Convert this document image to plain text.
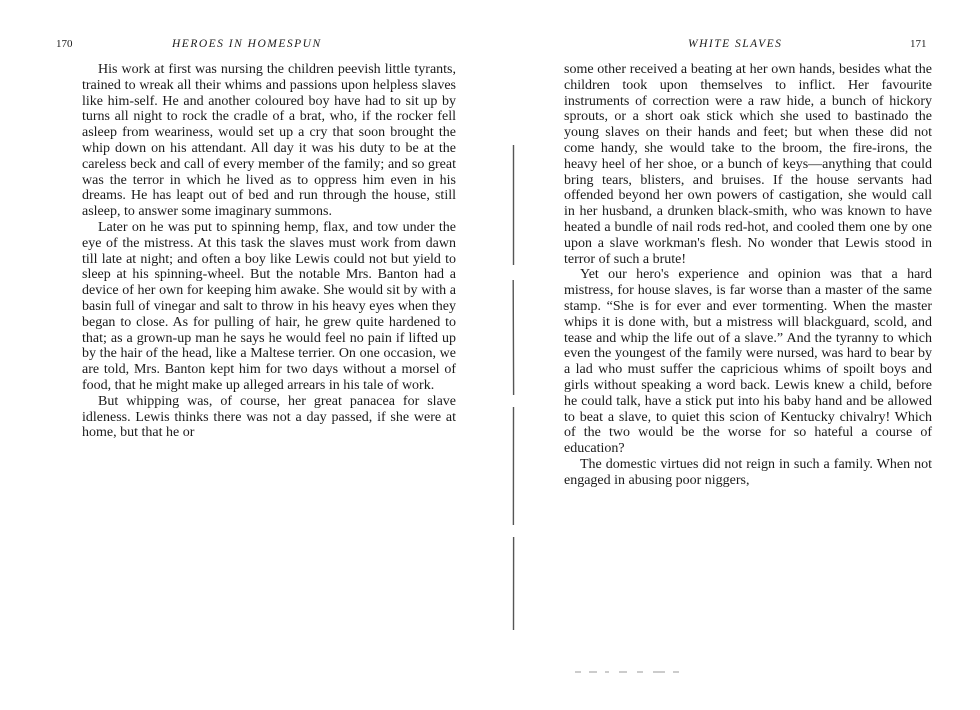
170	HEROES IN HOMESPUN

His work at first was nursing the children peevish little tyrants, trained to wreak all their whims and passions upon helpless slaves like him-self. He and another coloured boy have had to sit up by turns all night to rock the cradle of a brat, who, if the rocker fell asleep from weariness, would set up a cry that soon brought the whip down on his attendant. All day it was his duty to be at the careless beck and call of every member of the family; and so great was the terror in which he lived as to oppress him even in his dreams. He has leapt out of bed and run through the house, still asleep, to answer some imaginary summons.

Later on he was put to spinning hemp, flax, and tow under the eye of the mistress. At this task the slaves must work from dawn till late at night; and often a boy like Lewis could not but yield to sleep at his spinning-wheel. But the notable Mrs. Banton had a device of her own for keeping him awake. She would sit by with a basin full of vinegar and salt to throw in his heavy eyes when they began to close. As for pulling of hair, he grew quite hardened to that; as a grown-up man he says he would feel no pain if lifted up by the hair of the head, like a Maltese terrier. On one occasion, we are told, Mrs. Banton kept him for two days without a morsel of food, that he might make up alleged arrears in his tale of work.

But whipping was, of course, her great panacea for slave idleness. Lewis thinks there was not a day passed, if she were at home, but that he or

WHITE SLAVES	171

some other received a beating at her own hands, besides what the children took upon themselves to inflict. Her favourite instruments of correction were a raw hide, a bunch of hickory sprouts, or a short oak stick which she used to bastinado the young slaves on their hands and feet; but when these did not come handy, she would take to the broom, the fire-irons, the heavy heel of her shoe, or a bunch of keys—anything that could bring tears, blisters, and bruises. If the house servants had offended beyond her own powers of castigation, she would call in her husband, a drunken black-smith, who was known to have heated a bundle of nail rods red-hot, and cooled them one by one upon a slave workman's flesh. No wonder that Lewis stood in terror of such a brute!

Yet our hero's experience and opinion was that a hard mistress, for house slaves, is far worse than a master of the same stamp. “She is for ever and ever tormenting. When the master whips it is done with, but a mistress will blackguard, scold, and tease and whip the life out of a slave.” And the tyranny to which even the youngest of the family were nursed, was hard to bear by a lad who must suffer the capricious whims of spoilt boys and girls without speaking a word back. Lewis knew a child, before he could talk, have a stick put into his baby hand and be allowed to beat a slave, to quiet this scion of Kentucky chivalry! Which of the two would be the worse for so hateful a course of education?

The domestic virtues did not reign in such a family. When not engaged in abusing poor niggers,
